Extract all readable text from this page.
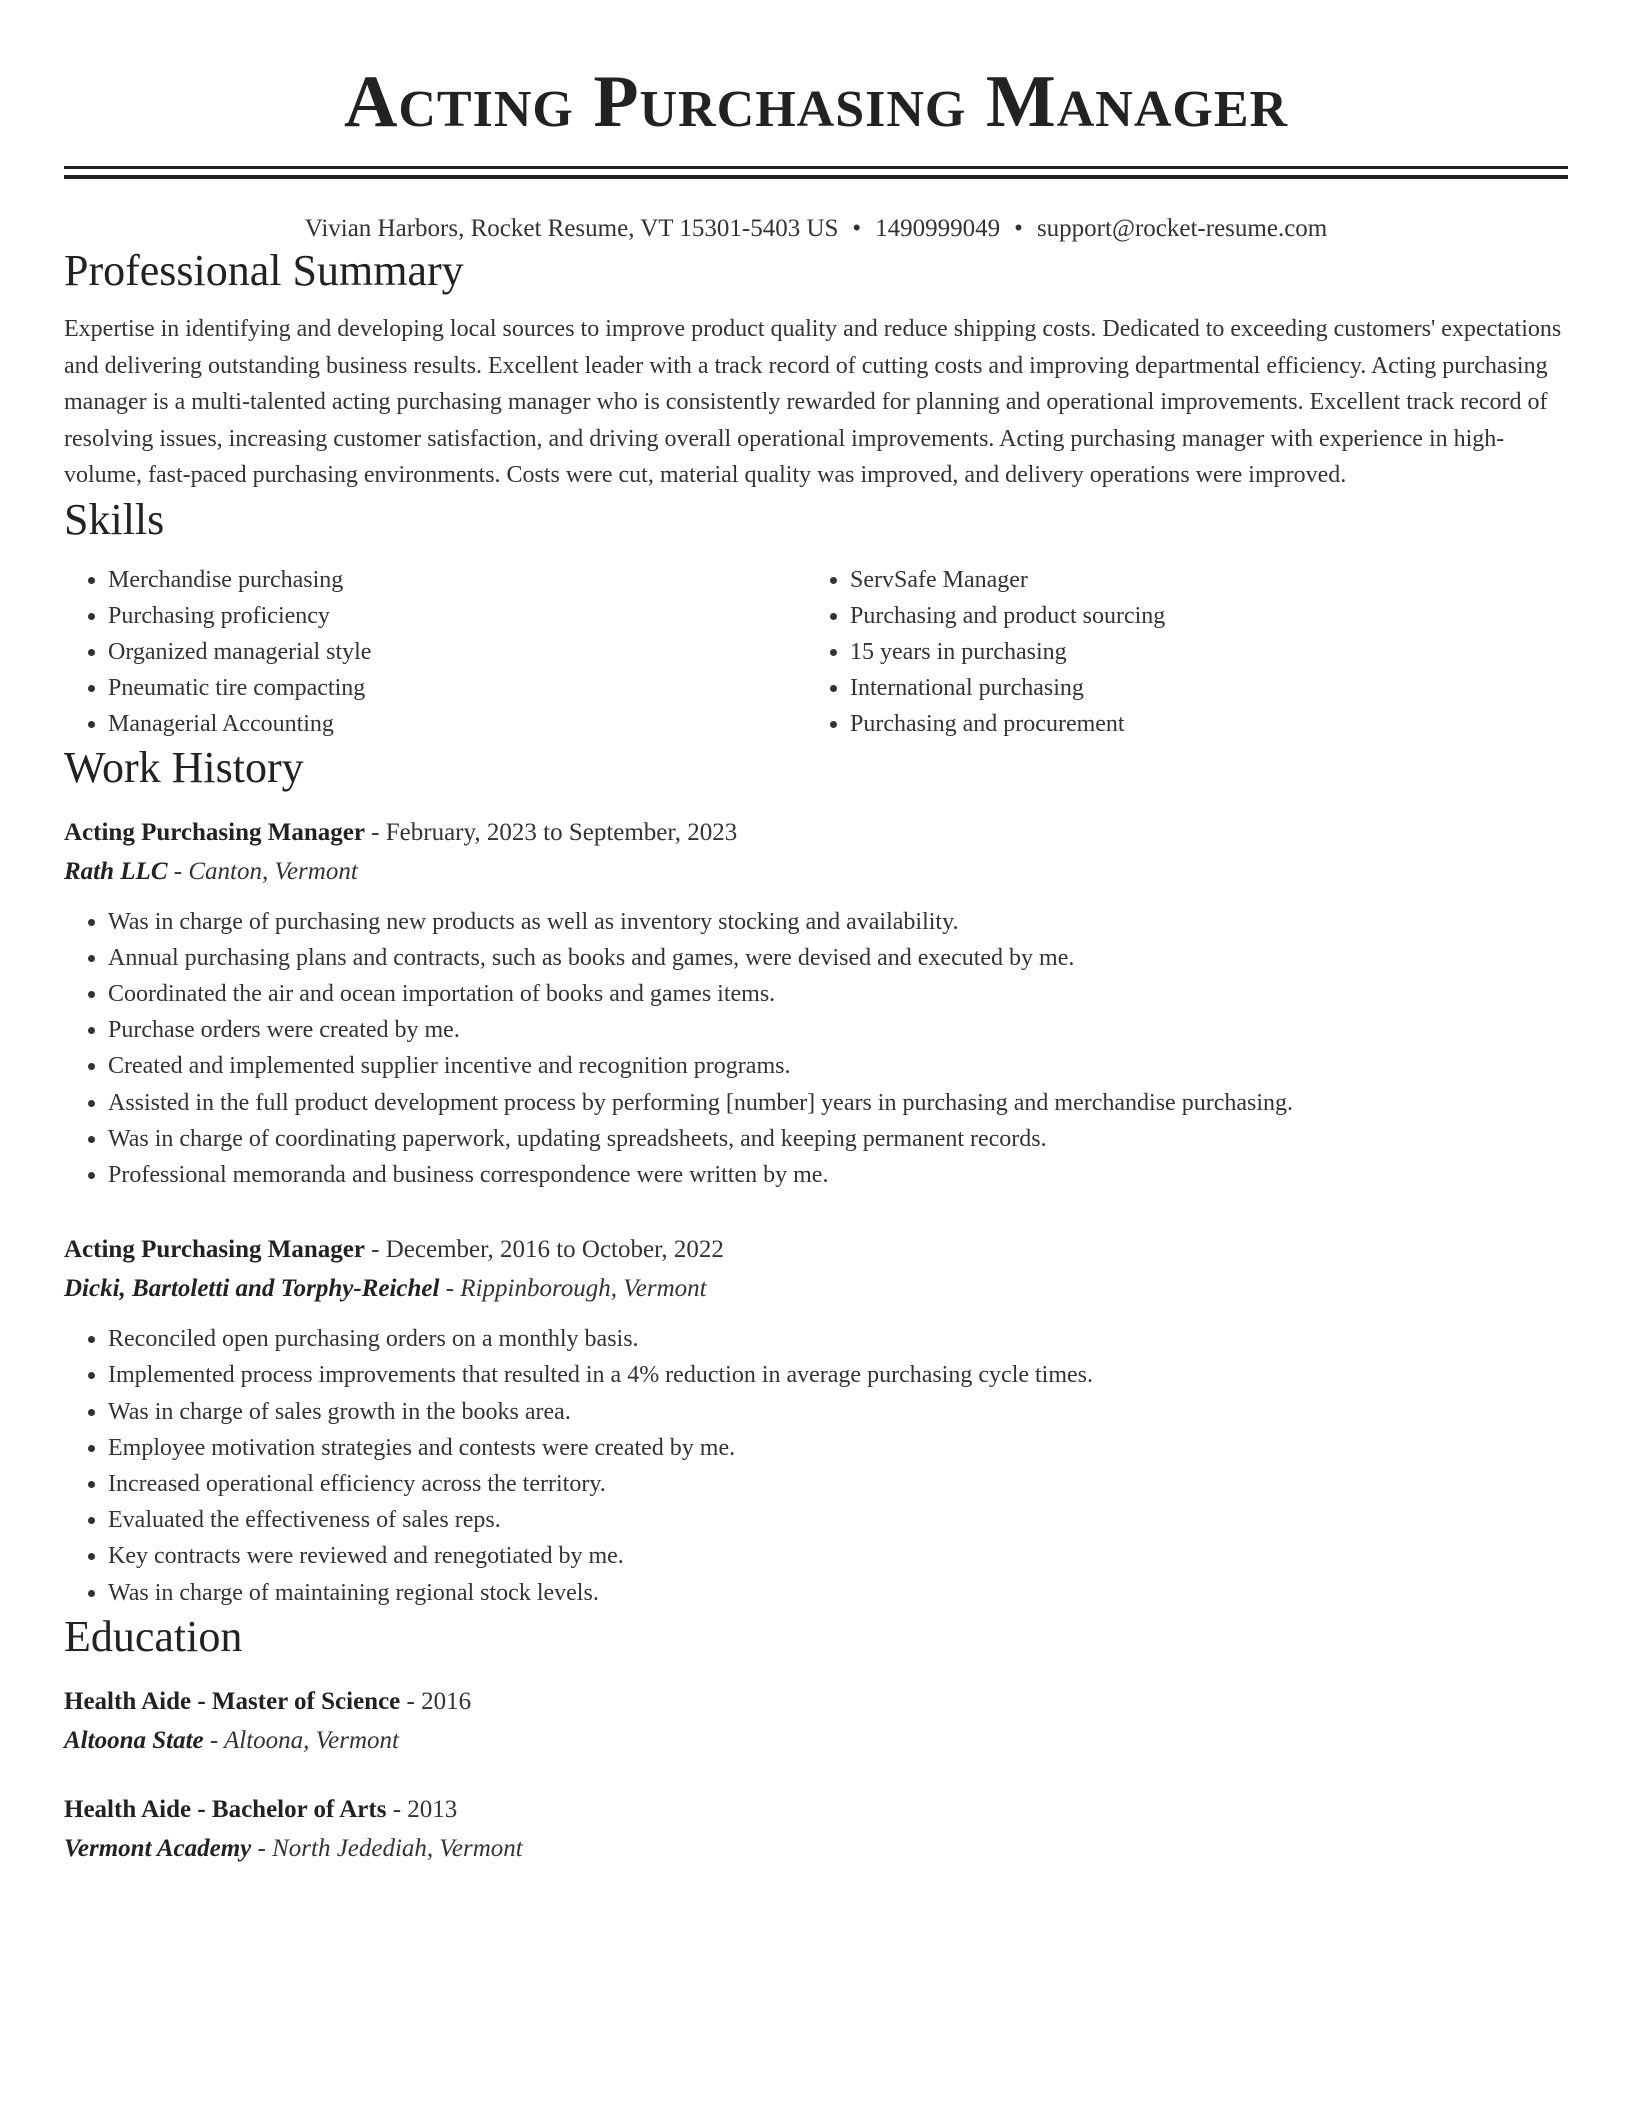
Acting Purchasing Manager
Vivian Harbors, Rocket Resume, VT 15301-5403 US • 1490999049 • support@rocket-resume.com
Professional Summary

Expertise in identifying and developing local sources to improve product quality and reduce shipping costs. Dedicated to exceeding customers' expectations and delivering outstanding business results. Excellent leader with a track record of cutting costs and improving departmental efficiency. Acting purchasing manager is a multi-talented acting purchasing manager who is consistently rewarded for planning and operational improvements. Excellent track record of resolving issues, increasing customer satisfaction, and driving overall operational improvements. Acting purchasing manager with experience in high-volume, fast-paced purchasing environments. Costs were cut, material quality was improved, and delivery operations were improved.

Skills
• Merchandise purchasing
• Purchasing proficiency
• Organized managerial style
• Pneumatic tire compacting
• Managerial Accounting
• ServSafe Manager
• Purchasing and product sourcing
• 15 years in purchasing
• International purchasing
• Purchasing and procurement
Work History
Acting Purchasing Manager - February, 2023 to September, 2023
Rath LLC - Canton, Vermont
• Was in charge of purchasing new products as well as inventory stocking and availability.
• Annual purchasing plans and contracts, such as books and games, were devised and executed by me.
• Coordinated the air and ocean importation of books and games items.
• Purchase orders were created by me.
• Created and implemented supplier incentive and recognition programs.
• Assisted in the full product development process by performing [number] years in purchasing and merchandise purchasing.
• Was in charge of coordinating paperwork, updating spreadsheets, and keeping permanent records.
• Professional memoranda and business correspondence were written by me.
Acting Purchasing Manager - December, 2016 to October, 2022
Dicki, Bartoletti and Torphy-Reichel - Rippinborough, Vermont
• Reconciled open purchasing orders on a monthly basis.
• Implemented process improvements that resulted in a 4% reduction in average purchasing cycle times.
• Was in charge of sales growth in the books area.
• Employee motivation strategies and contests were created by me.
• Increased operational efficiency across the territory.
• Evaluated the effectiveness of sales reps.
• Key contracts were reviewed and renegotiated by me.
• Was in charge of maintaining regional stock levels.
Education
Health Aide - Master of Science - 2016
Altoona State - Altoona, Vermont
Health Aide - Bachelor of Arts - 2013
Vermont Academy - North Jedediah, Vermont
